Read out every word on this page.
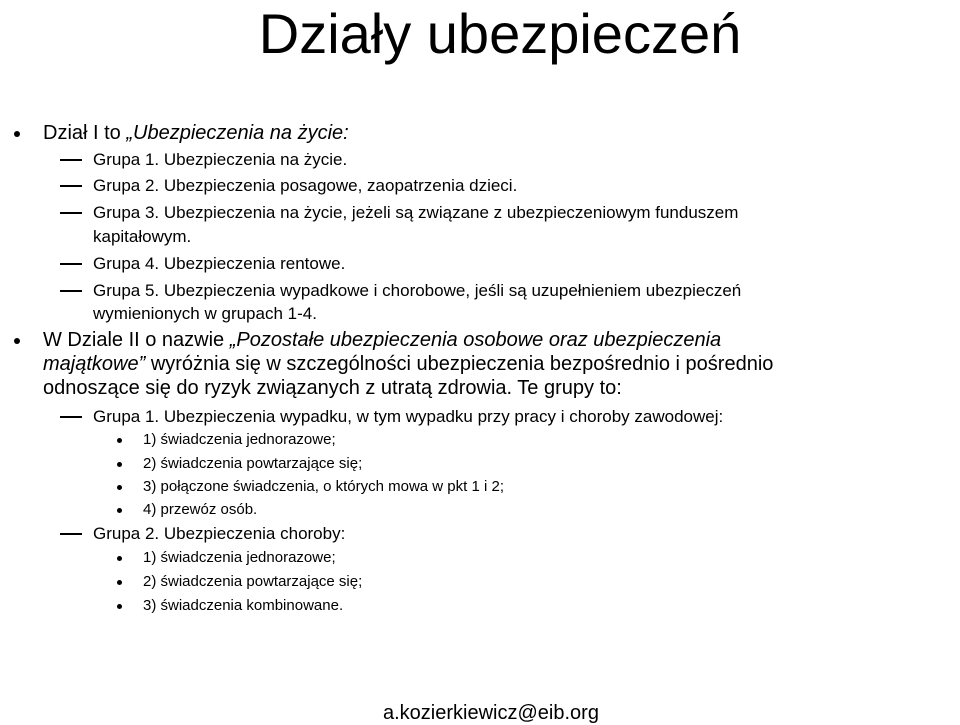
Działy ubezpieczeń
Dział I to „Ubezpieczenia na życie:
Grupa 1. Ubezpieczenia na życie.
Grupa 2. Ubezpieczenia posagowe, zaopatrzenia dzieci.
Grupa 3. Ubezpieczenia na życie, jeżeli są związane z ubezpieczeniowym funduszem
kapitałowym.
Grupa 4. Ubezpieczenia rentowe.
Grupa 5. Ubezpieczenia wypadkowe i chorobowe, jeśli są uzupełnieniem ubezpieczeń
wymienionych w grupach 1-4.
W Dziale II o nazwie „Pozostałe ubezpieczenia osobowe oraz ubezpieczenia
majątkowe” wyróżnia się w szczególności ubezpieczenia bezpośrednio i pośrednio
odnoszące się do ryzyk związanych z utratą zdrowia. Te grupy to:
Grupa 1. Ubezpieczenia wypadku, w tym wypadku przy pracy i choroby zawodowej:
1) świadczenia jednorazowe;
2) świadczenia powtarzające się;
3) połączone świadczenia, o których mowa w pkt 1 i 2;
4) przewóz osób.
Grupa 2. Ubezpieczenia choroby:
1) świadczenia jednorazowe;
2) świadczenia powtarzające się;
3) świadczenia kombinowane.
a.kozierkiewicz@eib.org
